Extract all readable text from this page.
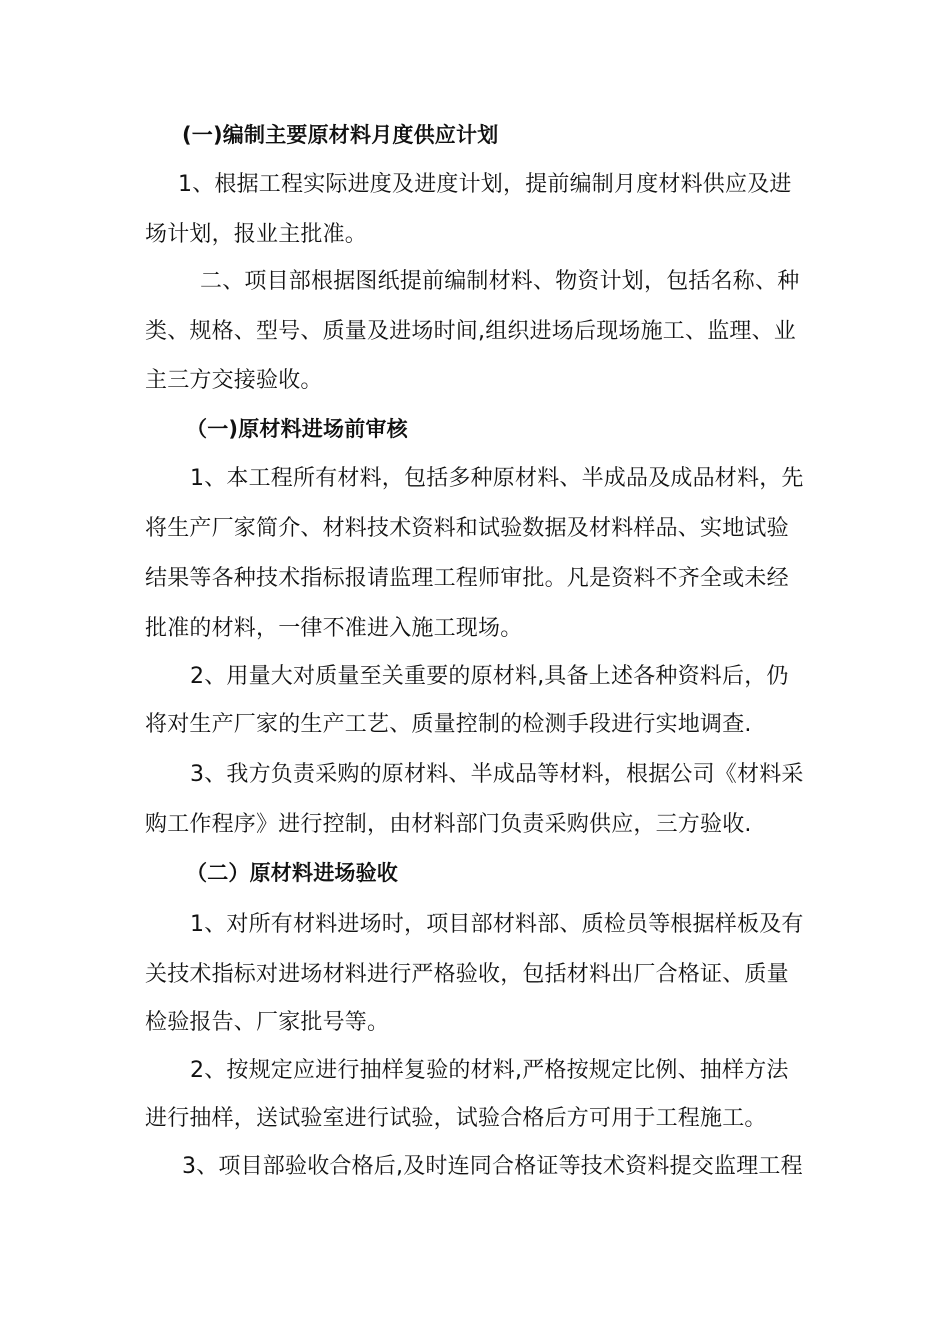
(一)编制主要原材料月度供应计划
1、根据工程实际进度及进度计划，提前编制月度材料供应及进
场计划，报业主批准。
二、项目部根据图纸提前编制材料、物资计划，包括名称、种
类、规格、型号、质量及进场时间,组织进场后现场施工、监理、业
主三方交接验收。
（一)原材料进场前审核
1、本工程所有材料，包括多种原材料、半成品及成品材料，先
将生产厂家简介、材料技术资料和试验数据及材料样品、实地试验
结果等各种技术指标报请监理工程师审批。凡是资料不齐全或未经
批准的材料，一律不准进入施工现场。
2、用量大对质量至关重要的原材料,具备上述各种资料后，仍
将对生产厂家的生产工艺、质量控制的检测手段进行实地调查.
3、我方负责采购的原材料、半成品等材料，根据公司《材料采
购工作程序》进行控制，由材料部门负责采购供应，三方验收.
（二）原材料进场验收
1、对所有材料进场时，项目部材料部、质检员等根据样板及有
关技术指标对进场材料进行严格验收，包括材料出厂合格证、质量
检验报告、厂家批号等。
2、按规定应进行抽样复验的材料,严格按规定比例、抽样方法
进行抽样，送试验室进行试验，试验合格后方可用于工程施工。
3、项目部验收合格后,及时连同合格证等技术资料提交监理工程
